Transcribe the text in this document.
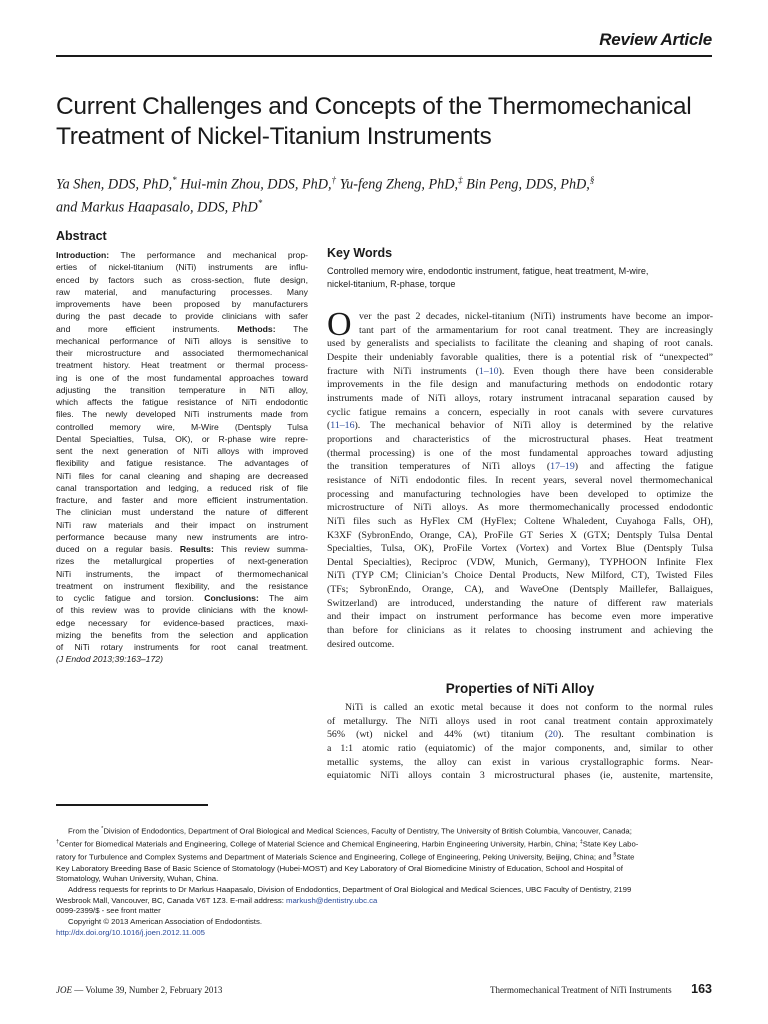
Review Article
Current Challenges and Concepts of the Thermomechanical
Treatment of Nickel-Titanium Instruments
Ya Shen, DDS, PhD,* Hui-min Zhou, DDS, PhD,† Yu-feng Zheng, PhD,‡ Bin Peng, DDS, PhD,§
and Markus Haapasalo, DDS, PhD*
Abstract
Introduction: The performance and mechanical prop-
erties of nickel-titanium (NiTi) instruments are influ-
enced by factors such as cross-section, flute design,
raw material, and manufacturing processes. Many
improvements have been proposed by manufacturers
during the past decade to provide clinicians with safer
and more efficient instruments. Methods: The
mechanical performance of NiTi alloys is sensitive to
their microstructure and associated thermomechanical
treatment history. Heat treatment or thermal process-
ing is one of the most fundamental approaches toward
adjusting the transition temperature in NiTi alloy,
which affects the fatigue resistance of NiTi endodontic
files. The newly developed NiTi instruments made from
controlled memory wire, M-Wire (Dentsply Tulsa
Dental Specialties, Tulsa, OK), or R-phase wire repre-
sent the next generation of NiTi alloys with improved
flexibility and fatigue resistance. The advantages of
NiTi files for canal cleaning and shaping are decreased
canal transportation and ledging, a reduced risk of file
fracture, and faster and more efficient instrumentation.
The clinician must understand the nature of different
NiTi raw materials and their impact on instrument
performance because many new instruments are intro-
duced on a regular basis. Results: This review summa-
rizes the metallurgical properties of next-generation
NiTi instruments, the impact of thermomechanical
treatment on instrument flexibility, and the resistance
to cyclic fatigue and torsion. Conclusions: The aim
of this review was to provide clinicians with the knowl-
edge necessary for evidence-based practices, maxi-
mizing the benefits from the selection and application
of NiTi rotary instruments for root canal treatment.
(J Endod 2013;39:163–172)
Key Words
Controlled memory wire, endodontic instrument, fatigue, heat treatment, M-wire,
nickel-titanium, R-phase, torque
O ver the past 2 decades, nickel-titanium (NiTi) instruments have become an impor-
tant part of the armamentarium for root canal treatment. They are increasingly
used by generalists and specialists to facilitate the cleaning and shaping of root canals.
Despite their undeniably favorable qualities, there is a potential risk of “unexpected”
fracture with NiTi instruments (1–10). Even though there have been considerable
improvements in the file design and manufacturing methods on endodontic rotary
instruments made of NiTi alloys, rotary instrument intracanal separation caused by
cyclic fatigue remains a concern, especially in root canals with severe curvatures
(11–16). The mechanical behavior of NiTi alloy is determined by the relative
proportions and characteristics of the microstructural phases. Heat treatment
(thermal processing) is one of the most fundamental approaches toward adjusting
the transition temperatures of NiTi alloys (17–19) and affecting the fatigue
resistance of NiTi endodontic files. In recent years, several novel thermomechanical
processing and manufacturing technologies have been developed to optimize the
microstructure of NiTi alloys. As more thermomechanically processed endodontic
NiTi files such as HyFlex CM (HyFlex; Coltene Whaledent, Cuyahoga Falls, OH),
K3XF (SybronEndo, Orange, CA), ProFile GT Series X (GTX; Dentsply Tulsa Dental
Specialties, Tulsa, OK), ProFile Vortex (Vortex) and Vortex Blue (Dentsply Tulsa
Dental Specialties), Reciproc (VDW, Munich, Germany), TYPHOON Infinite Flex
NiTi (TYP CM; Clinician’s Choice Dental Products, New Milford, CT), Twisted Files
(TFs; SybronEndo, Orange, CA), and WaveOne (Dentsply Maillefer, Ballaigues,
Switzerland) are introduced, understanding the nature of different raw materials
and their impact on instrument performance has become even more imperative
than before for clinicians as it relates to choosing instrument and achieving the
desired outcome.
Properties of NiTi Alloy
NiTi is called an exotic metal because it does not conform to the normal rules
of metallurgy. The NiTi alloys used in root canal treatment contain approximately
56% (wt) nickel and 44% (wt) titanium (20). The resultant combination is
a 1:1 atomic ratio (equiatomic) of the major components, and, similar to other
metallic systems, the alloy can exist in various crystallographic forms. Near-
equiatomic NiTi alloys contain 3 microstructural phases (ie, austenite, martensite,
From the *Division of Endodontics, Department of Oral Biological and Medical Sciences, Faculty of Dentistry, The University of British Columbia, Vancouver, Canada;
†Center for Biomedical Materials and Engineering, College of Material Science and Chemical Engineering, Harbin Engineering University, Harbin, China; ‡State Key Labo-
ratory for Turbulence and Complex Systems and Department of Materials Science and Engineering, College of Engineering, Peking University, Beijing, China; and §State
Key Laboratory Breeding Base of Basic Science of Stomatology (Hubei-MOST) and Key Laboratory of Oral Biomedicine Ministry of Education, School and Hospital of
Stomatology, Wuhan University, Wuhan, China.
Address requests for reprints to Dr Markus Haapasalo, Division of Endodontics, Department of Oral Biological and Medical Sciences, UBC Faculty of Dentistry, 2199
Wesbrook Mall, Vancouver, BC, Canada V6T 1Z3. E-mail address: markush@dentistry.ubc.ca
0099-2399/$ - see front matter
Copyright © 2013 American Association of Endodontists.
http://dx.doi.org/10.1016/j.joen.2012.11.005
JOE — Volume 39, Number 2, February 2013	Thermomechanical Treatment of NiTi Instruments 163
